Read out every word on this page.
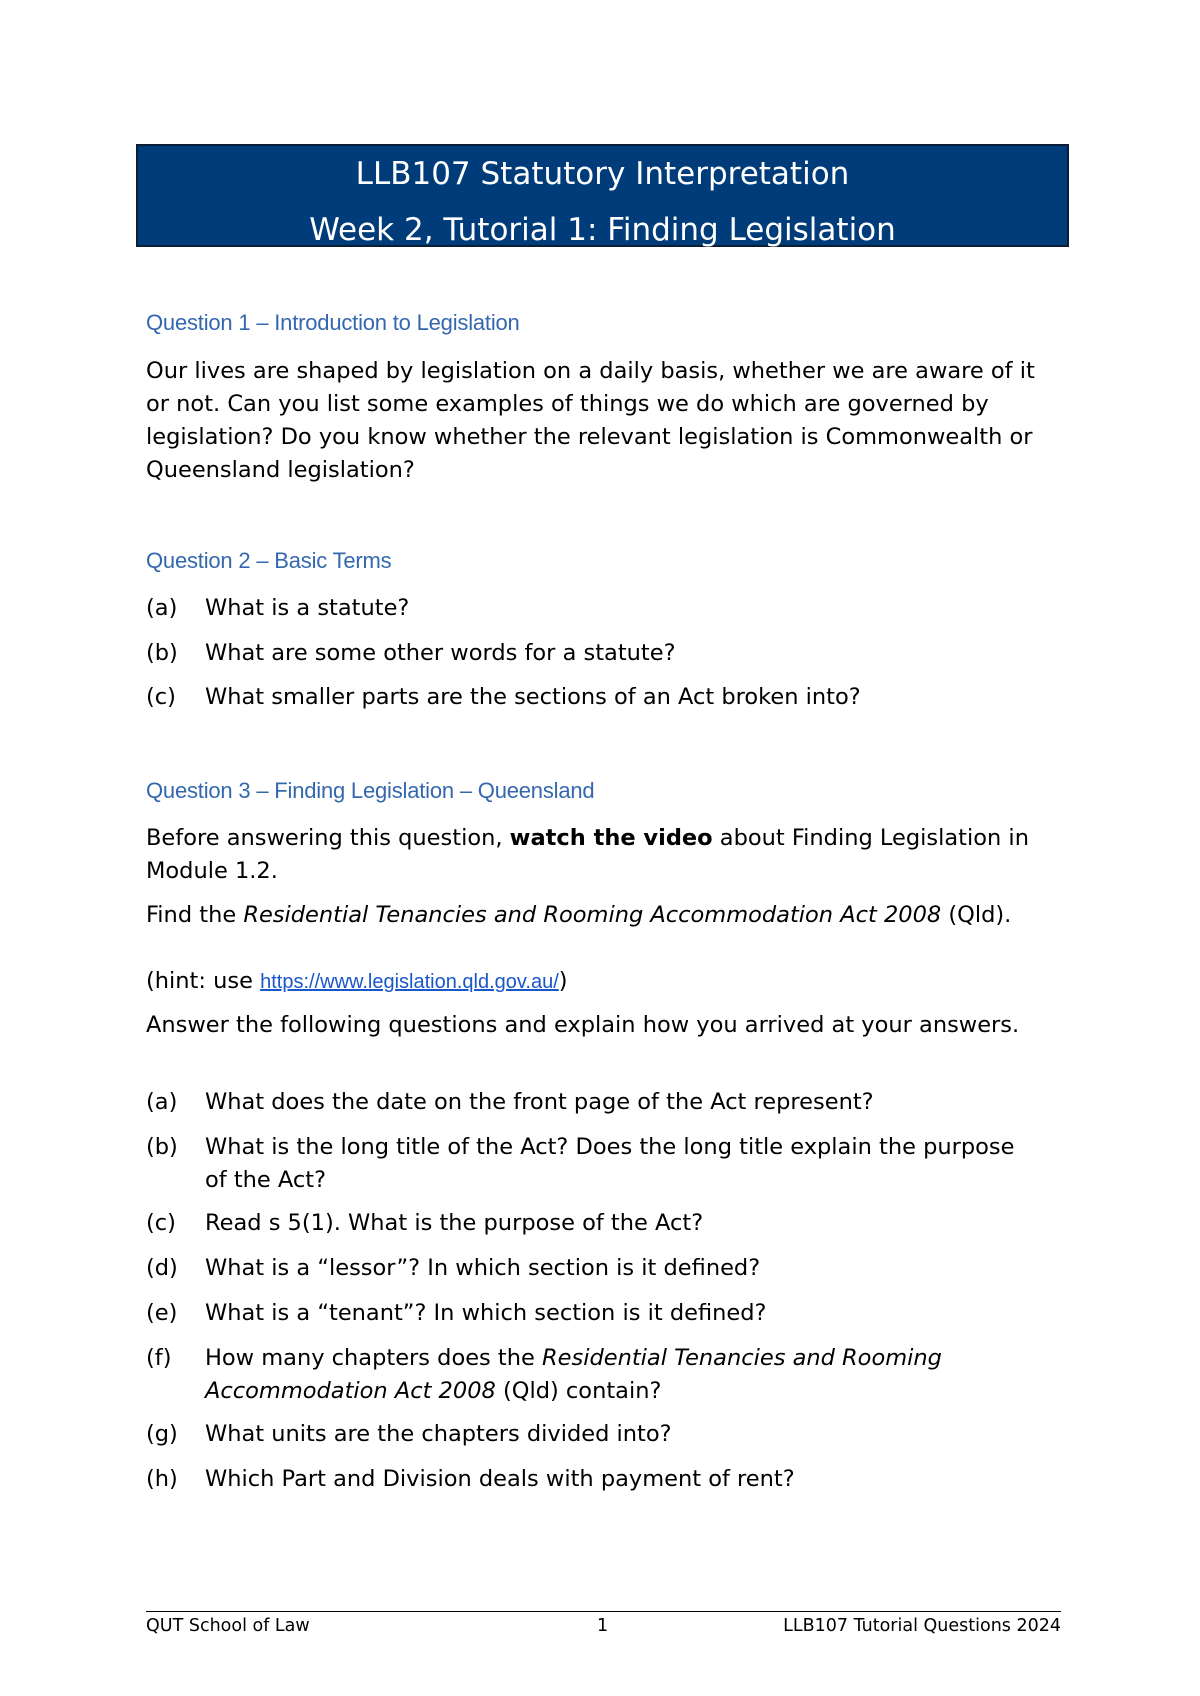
LLB107 Statutory Interpretation
Week 2, Tutorial 1: Finding Legislation
Question 1 – Introduction to Legislation
Our lives are shaped by legislation on a daily basis, whether we are aware of it or not. Can you list some examples of things we do which are governed by legislation? Do you know whether the relevant legislation is Commonwealth or Queensland legislation?
Question 2 – Basic Terms
(a)	What is a statute?
(b)	What are some other words for a statute?
(c)	What smaller parts are the sections of an Act broken into?
Question 3 – Finding Legislation – Queensland
Before answering this question, watch the video about Finding Legislation in Module 1.2.
Find the Residential Tenancies and Rooming Accommodation Act 2008 (Qld).
(hint: use https://www.legislation.qld.gov.au/)
Answer the following questions and explain how you arrived at your answers.
(a)	What does the date on the front page of the Act represent?
(b)	What is the long title of the Act? Does the long title explain the purpose of the Act?
(c)	Read s 5(1). What is the purpose of the Act?
(d)	What is a “lessor”? In which section is it defined?
(e)	What is a “tenant”? In which section is it defined?
(f)	How many chapters does the Residential Tenancies and Rooming Accommodation Act 2008 (Qld) contain?
(g)	What units are the chapters divided into?
(h)	Which Part and Division deals with payment of rent?
QUT School of Law	1	LLB107 Tutorial Questions 2024
